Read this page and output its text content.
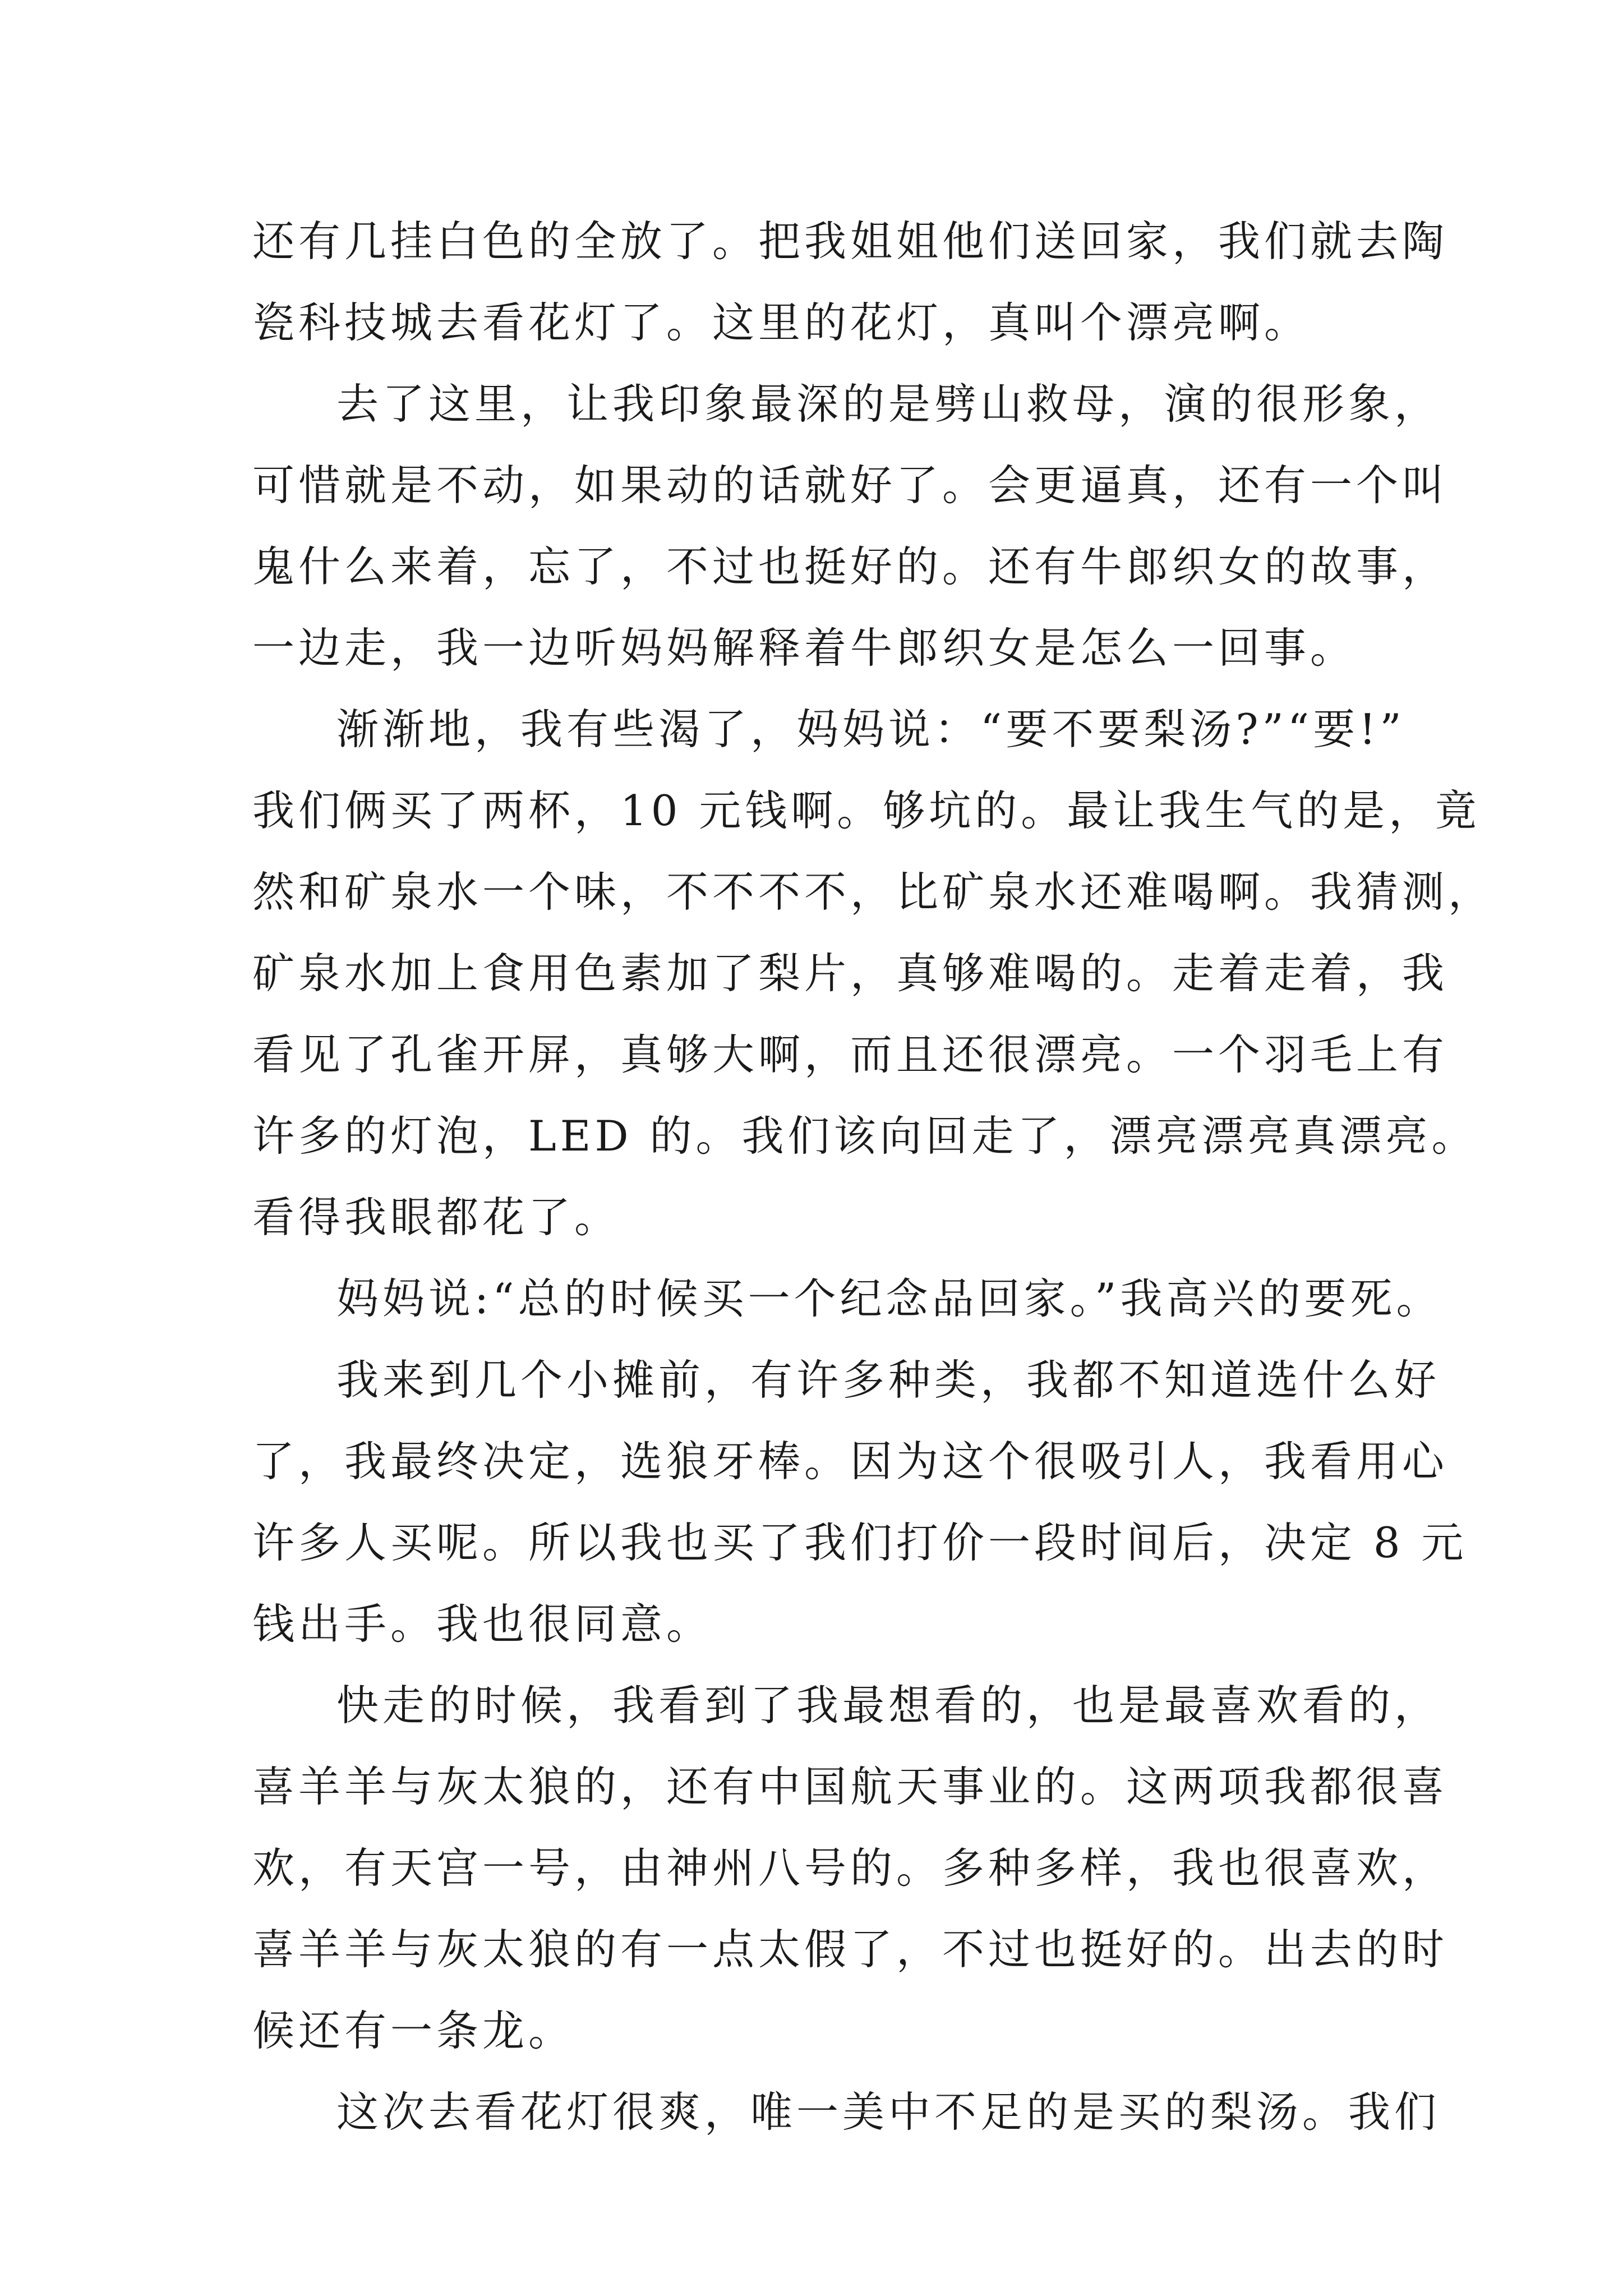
还有几挂白色的全放了。把我姐姐他们送回家，我们就去陶
瓷科技城去看花灯了。这里的花灯，真叫个漂亮啊。
去了这里，让我印象最深的是劈山救母，演的很形象，
可惜就是不动，如果动的话就好了。会更逼真，还有一个叫
鬼什么来着，忘了，不过也挺好的。还有牛郎织女的故事，
一边走，我一边听妈妈解释着牛郎织女是怎么一回事。
渐渐地，我有些渴了，妈妈说：“要不要梨汤?”“要!”
我们俩买了两杯，10 元钱啊。够坑的。最让我生气的是，竟
然和矿泉水一个味，不不不不，比矿泉水还难喝啊。我猜测，
矿泉水加上食用色素加了梨片，真够难喝的。走着走着，我
看见了孔雀开屏，真够大啊，而且还很漂亮。一个羽毛上有
许多的灯泡，LED 的。我们该向回走了，漂亮漂亮真漂亮。
看得我眼都花了。
妈妈说:“总的时候买一个纪念品回家。”我高兴的要死。
我来到几个小摊前，有许多种类，我都不知道选什么好
了，我最终决定，选狼牙棒。因为这个很吸引人，我看用心
许多人买呢。所以我也买了我们打价一段时间后，决定 8 元
钱出手。我也很同意。
快走的时候，我看到了我最想看的，也是最喜欢看的，
喜羊羊与灰太狼的，还有中国航天事业的。这两项我都很喜
欢，有天宫一号，由神州八号的。多种多样，我也很喜欢，
喜羊羊与灰太狼的有一点太假了，不过也挺好的。出去的时
候还有一条龙。
这次去看花灯很爽，唯一美中不足的是买的梨汤。我们
